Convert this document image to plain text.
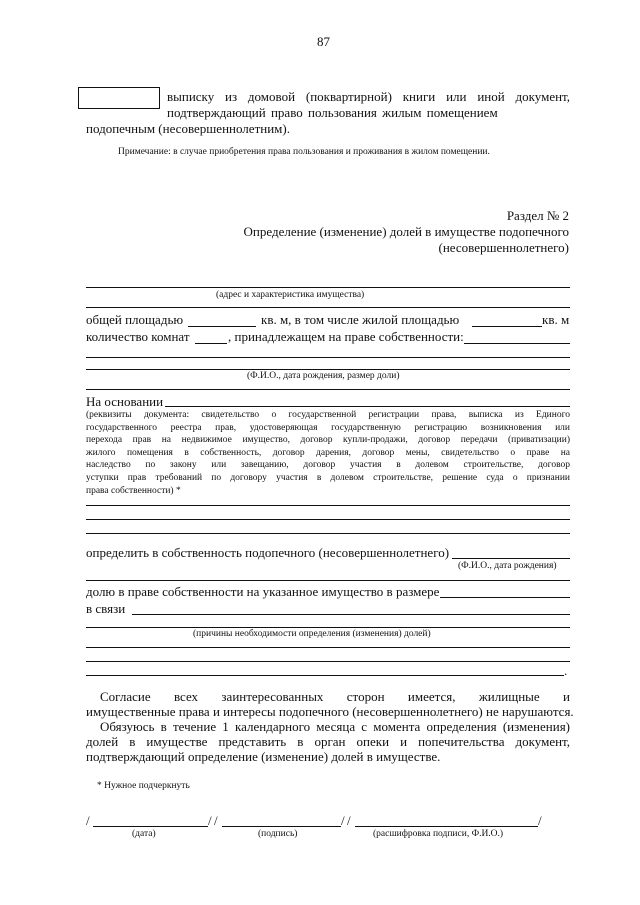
87
выписку из домовой (поквартирной) книги или иной документ,
подтверждающий право пользования жилым помещением
подопечным (несовершеннолетним).
Примечание: в случае приобретения права пользования и проживания в жилом помещении.
Раздел № 2
Определение (изменение) долей в имуществе подопечного
(несовершеннолетнего)
(адрес и характеристика имущества)
общей площадью	кв. м, в том числе жилой площадью	кв. м
количество комнат	, принадлежащем на праве собственности:
(Ф.И.О., дата рождения, размер доли)
На основании
(реквизиты документа: свидетельство о государственной регистрации права, выписка из Единого
государственного реестра прав, удостоверяющая государственную регистрацию возникновения или
перехода прав на недвижимое имущество, договор купли-продажи, договор передачи (приватизации)
жилого помещения в собственность, договор дарения, договор мены, свидетельство о праве на
наследство по закону или завещанию, договор участия в долевом строительстве, договор
уступки прав требований по договору участия в долевом строительстве, решение суда о признании
права собственности) *
определить в собственность подопечного (несовершеннолетнего)
(Ф.И.О., дата рождения)
долю в праве собственности на указанное имущество в размере
в связи
(причины необходимости определения (изменения) долей)
.
Согласие всех заинтересованных сторон имеется, жилищные и
имущественные права и интересы подопечного (несовершеннолетнего) не нарушаются.
Обязуюсь в течение 1 календарного месяца с момента определения (изменения)
долей в имуществе представить в орган опеки и попечительства документ,
подтверждающий определение (изменение) долей в имуществе.
* Нужное подчеркнуть
/	/ /	/ /	/
(дата)	(подпись)	(расшифровка подписи, Ф.И.О.)
